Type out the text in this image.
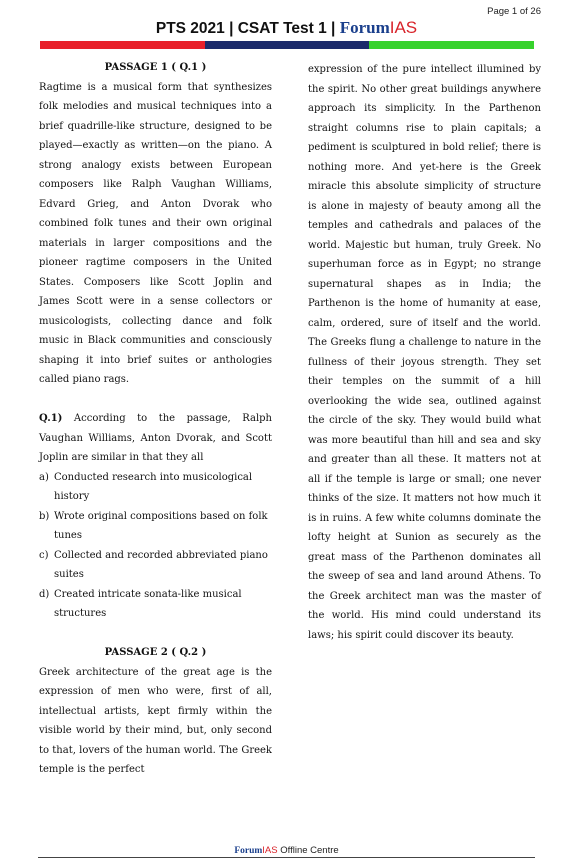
Page 1 of 26
PTS 2021 | CSAT Test 1 | ForumIAS

PASSAGE 1 ( Q.1 )

Ragtime is a musical form that synthesizes folk melodies and musical techniques into a brief quadrille-like structure, designed to be played—exactly as written—on the piano. A strong analogy exists between European composers like Ralph Vaughan Williams, Edvard Grieg, and Anton Dvorak who combined folk tunes and their own original materials in larger compositions and the pioneer ragtime composers in the United States. Composers like Scott Joplin and James Scott were in a sense collectors or musicologists, collecting dance and folk music in Black communities and consciously shaping it into brief suites or anthologies called piano rags.

Q.1) According to the passage, Ralph Vaughan Williams, Anton Dvorak, and Scott Joplin are similar in that they all

a) Conducted research into musicological history
b) Wrote original compositions based on folk tunes
c) Collected and recorded abbreviated piano suites
d) Created intricate sonata-like musical structures

PASSAGE 2 ( Q.2 )

Greek architecture of the great age is the expression of men who were, first of all, intellectual artists, kept firmly within the visible world by their mind, but, only second to that, lovers of the human world. The Greek temple is the perfect

expression of the pure intellect illumined by the spirit. No other great buildings anywhere approach its simplicity. In the Parthenon straight columns rise to plain capitals; a pediment is sculptured in bold relief; there is nothing more. And yet-here is the Greek miracle this absolute simplicity of structure is alone in majesty of beauty among all the temples and cathedrals and palaces of the world. Majestic but human, truly Greek. No superhuman force as in Egypt; no strange supernatural shapes as in India; the Parthenon is the home of humanity at ease, calm, ordered, sure of itself and the world. The Greeks flung a challenge to nature in the fullness of their joyous strength. They set their temples on the summit of a hill overlooking the wide sea, outlined against the circle of the sky. They would build what was more beautiful than hill and sea and sky and greater than all these. It matters not at all if the temple is large or small; one never thinks of the size. It matters not how much it is in ruins. A few white columns dominate the lofty height at Sunion as securely as the great mass of the Parthenon dominates all the sweep of sea and land around Athens. To the Greek architect man was the master of the world. His mind could understand its laws; his spirit could discover its beauty.

ForumIAS Offline Centre
